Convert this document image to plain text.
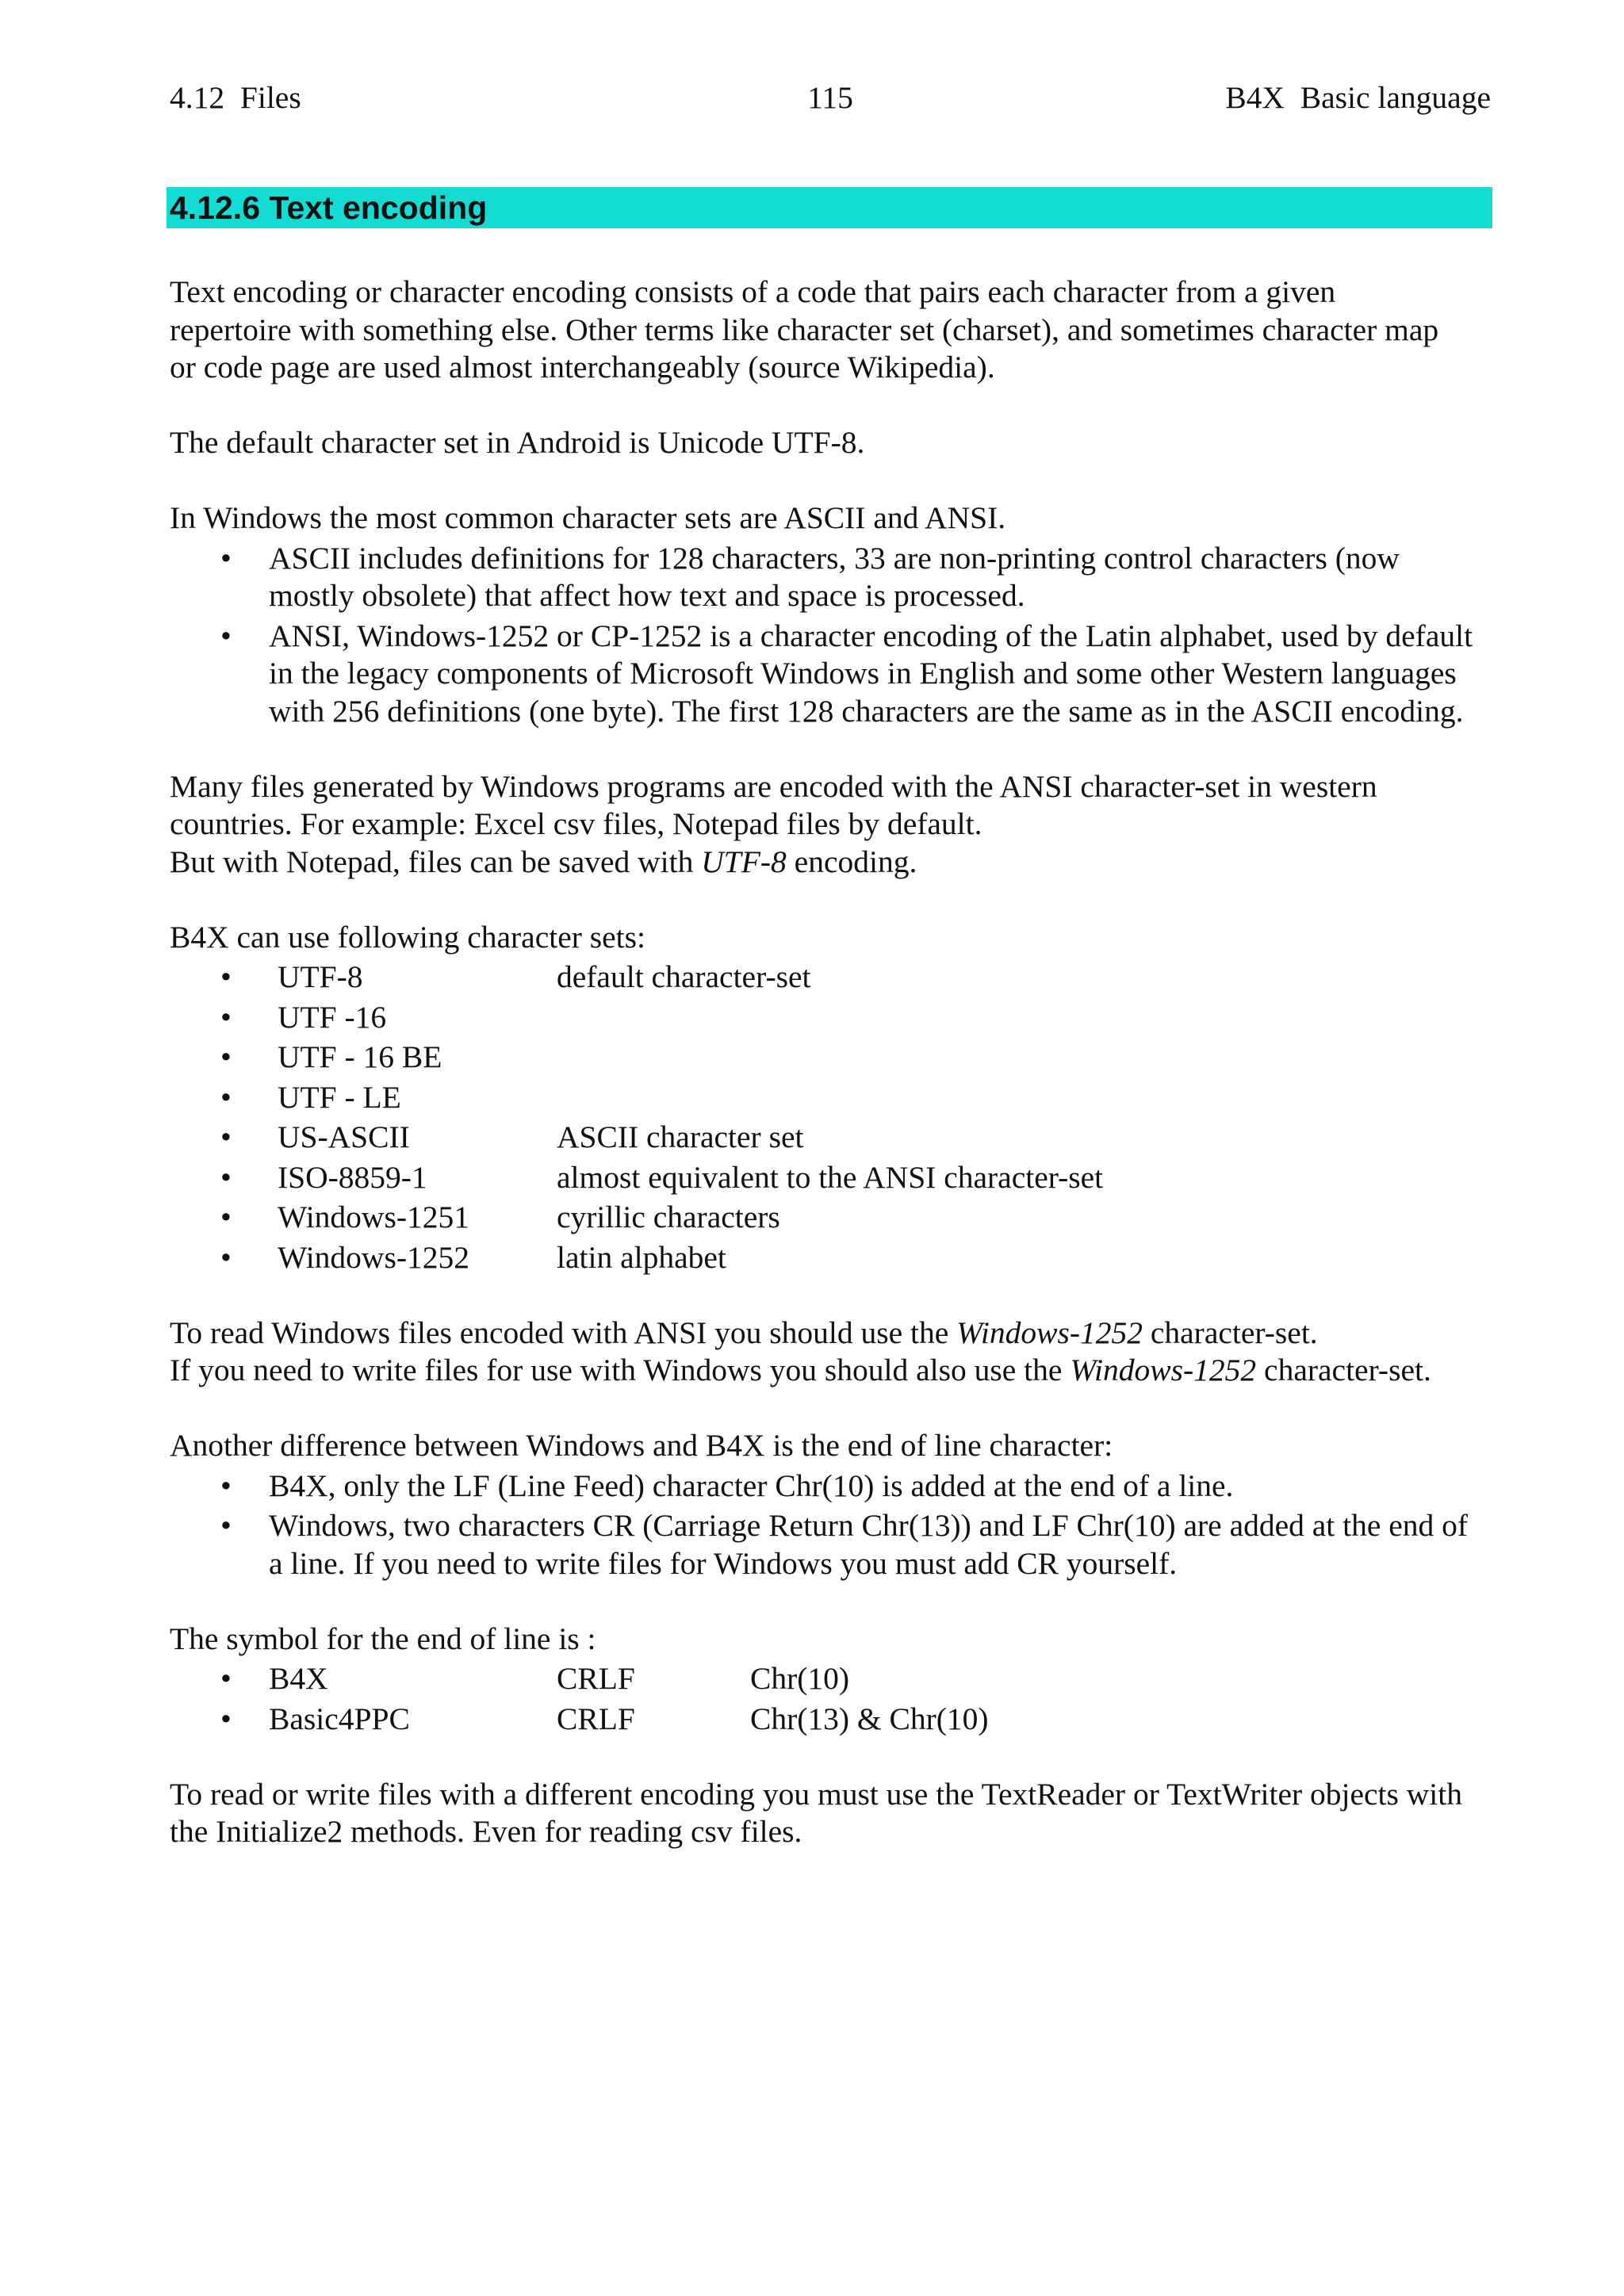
4.12  Files	115	B4X  Basic language
4.12.6 Text encoding

Text encoding or character encoding consists of a code that pairs each character from a given repertoire with something else. Other terms like character set (charset), and sometimes character map or code page are used almost interchangeably (source Wikipedia).

The default character set in Android is Unicode UTF-8.

In Windows the most common character sets are ASCII and ANSI.

• ASCII includes definitions for 128 characters, 33 are non-printing control characters (now mostly obsolete) that affect how text and space is processed.
• ANSI, Windows-1252 or CP-1252 is a character encoding of the Latin alphabet, used by default in the legacy components of Microsoft Windows in English and some other Western languages with 256 definitions (one byte). The first 128 characters are the same as in the ASCII encoding.

Many files generated by Windows programs are encoded with the ANSI character-set in western countries. For example: Excel csv files, Notepad files by default.

But with Notepad, files can be saved with UTF-8 encoding.

B4X can use following character sets:

• UTF-8	default character-set
• UTF -16
• UTF - 16 BE
• UTF - LE
• US-ASCII	ASCII character set
• ISO-8859-1	almost equivalent to the ANSI character-set
• Windows-1251	cyrillic characters
• Windows-1252	latin alphabet

To read Windows files encoded with ANSI you should use the Windows-1252 character-set.

If you need to write files for use with Windows you should also use the Windows-1252 character-set.

Another difference between Windows and B4X is the end of line character:

• B4X, only the LF (Line Feed) character Chr(10) is added at the end of a line.
• Windows, two characters CR (Carriage Return Chr(13)) and LF Chr(10) are added at the end of a line. If you need to write files for Windows you must add CR yourself.

The symbol for the end of line is :

• B4X	CRLF	Chr(10)
• Basic4PPC	CRLF	Chr(13) & Chr(10)

To read or write files with a different encoding you must use the TextReader or TextWriter objects with the Initialize2 methods. Even for reading csv files.
